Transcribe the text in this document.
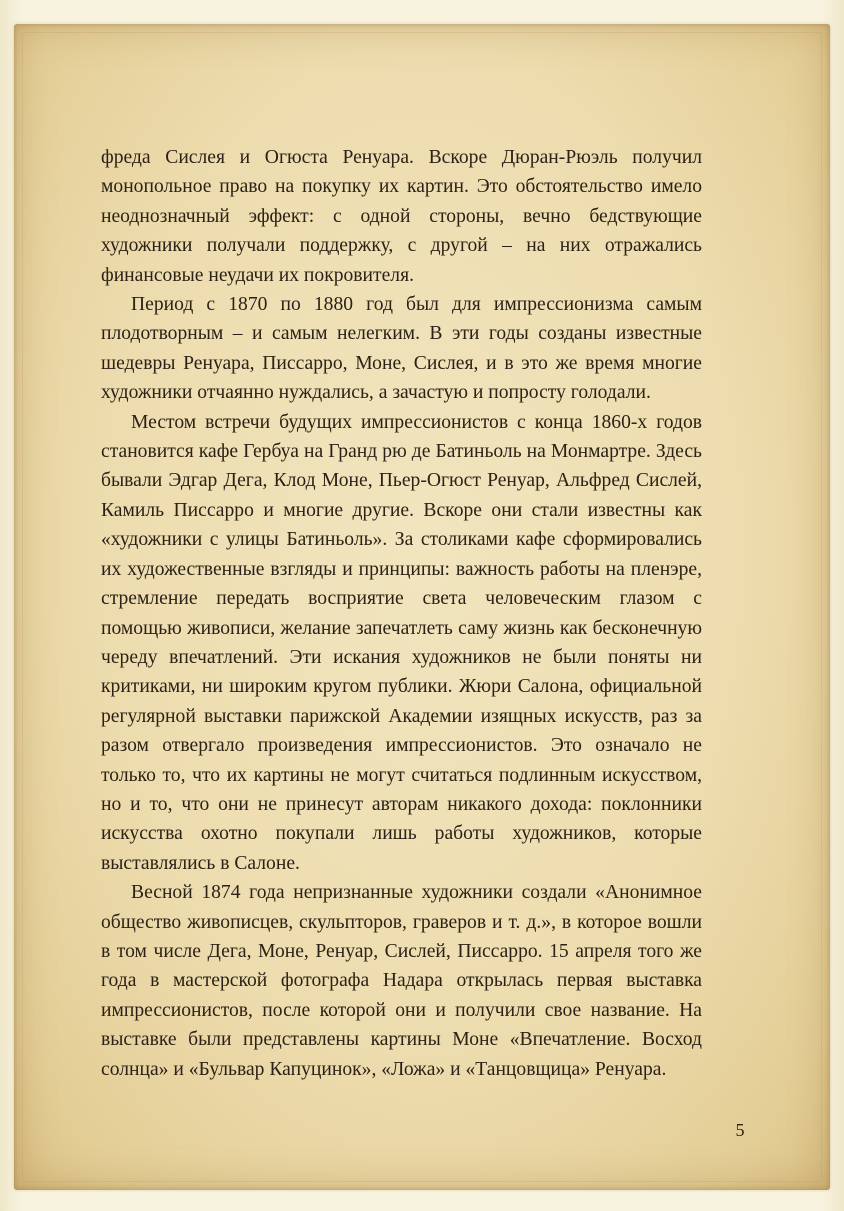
фреда Сислея и Огюста Ренуара. Вскоре Дюран-Рюэль получил монопольное право на покупку их картин. Это обстоятельство имело неоднозначный эффект: с одной стороны, вечно бедствующие художники получали поддержку, с другой – на них отражались финансовые неудачи их покровителя.

Период с 1870 по 1880 год был для импрессионизма самым плодотворным – и самым нелегким. В эти годы созданы известные шедевры Ренуара, Писсарро, Моне, Сислея, и в это же время многие художники отчаянно нуждались, а зачастую и попросту голодали.

Местом встречи будущих импрессионистов с конца 1860-х годов становится кафе Гербуа на Гранд рю де Батиньоль на Монмартре. Здесь бывали Эдгар Дега, Клод Моне, Пьер-Огюст Ренуар, Альфред Сислей, Камиль Писсарро и многие другие. Вскоре они стали известны как «художники с улицы Батиньоль». За столиками кафе сформировались их художественные взгляды и принципы: важность работы на пленэре, стремление передать восприятие света человеческим глазом с помощью живописи, желание запечатлеть саму жизнь как бесконечную череду впечатлений. Эти искания художников не были поняты ни критиками, ни широким кругом публики. Жюри Салона, официальной регулярной выставки парижской Академии изящных искусств, раз за разом отвергало произведения импрессионистов. Это означало не только то, что их картины не могут считаться подлинным искусством, но и то, что они не принесут авторам никакого дохода: поклонники искусства охотно покупали лишь работы художников, которые выставлялись в Салоне.

Весной 1874 года непризнанные художники создали «Анонимное общество живописцев, скульпторов, граверов и т. д.», в которое вошли в том числе Дега, Моне, Ренуар, Сислей, Писсарро. 15 апреля того же года в мастерской фотографа Надара открылась первая выставка импрессионистов, после которой они и получили свое название. На выставке были представлены картины Моне «Впечатление. Восход солнца» и «Бульвар Капуцинок», «Ложа» и «Танцовщица» Ренуара.

5
